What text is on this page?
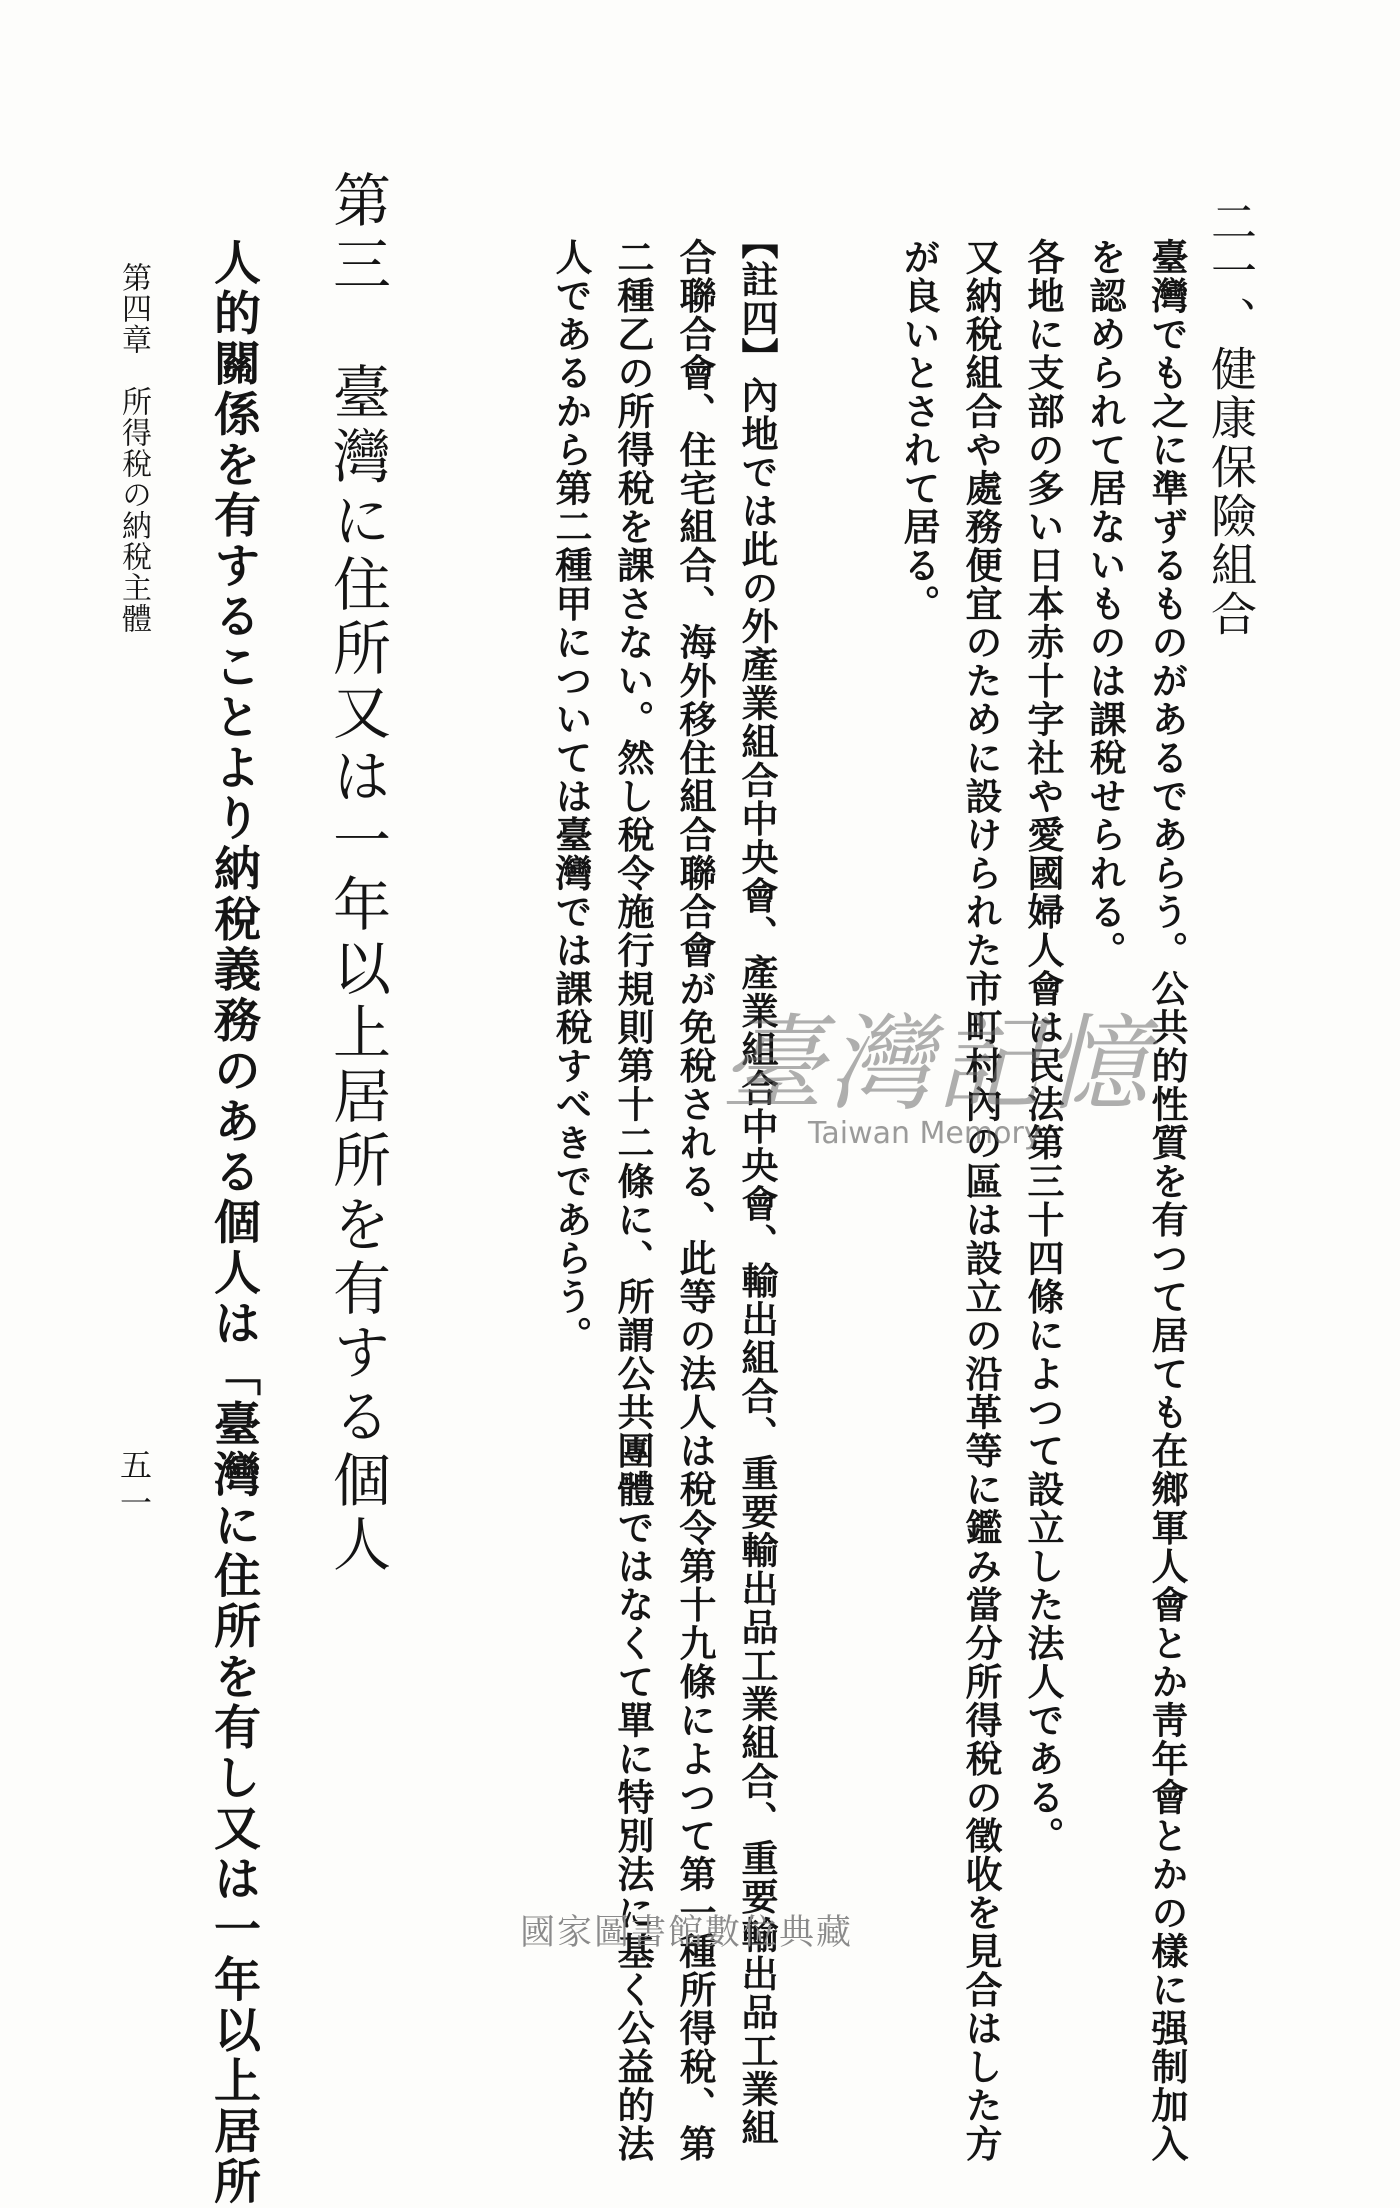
二一、健康保險組合
臺灣でも之に準ずるものがあるであらう。公共的性質を有つて居ても在鄉軍人會とか靑年會とかの樣に强制加入
を認められて居ないものは課稅せられる。
各地に支部の多い日本赤十字社や愛國婦人會は民法第三十四條によつて設立した法人である。
又納稅組合や處務便宜のために設けられた市町村內の區は設立の沿革等に鑑み當分所得稅の徵收を見合はした方
が良いとされて居る。
【註四】內地では此の外產業組合中央會、產業組合中央會、輸出組合、重要輸出品工業組合、重要輸出品工業組
合聯合會、住宅組合、海外移住組合聯合會が免稅される、此等の法人は稅令第十九條によつて第一種所得稅、第
二種乙の所得稅を課さない。然し稅令施行規則第十二條に、所謂公共團體ではなくて單に特別法に基く公益的法
人であるから第二種甲については臺灣では課稅すべきであらう。
第三　臺灣に住所又は一年以上居所を有する個人
人的關係を有することより納稅義務のある個人は「臺灣に住所を有し又は一年以上居所
第四章　所得稅の納稅主體
五一
臺灣記憶
Taiwan Memory
國家圖書館數位典藏
